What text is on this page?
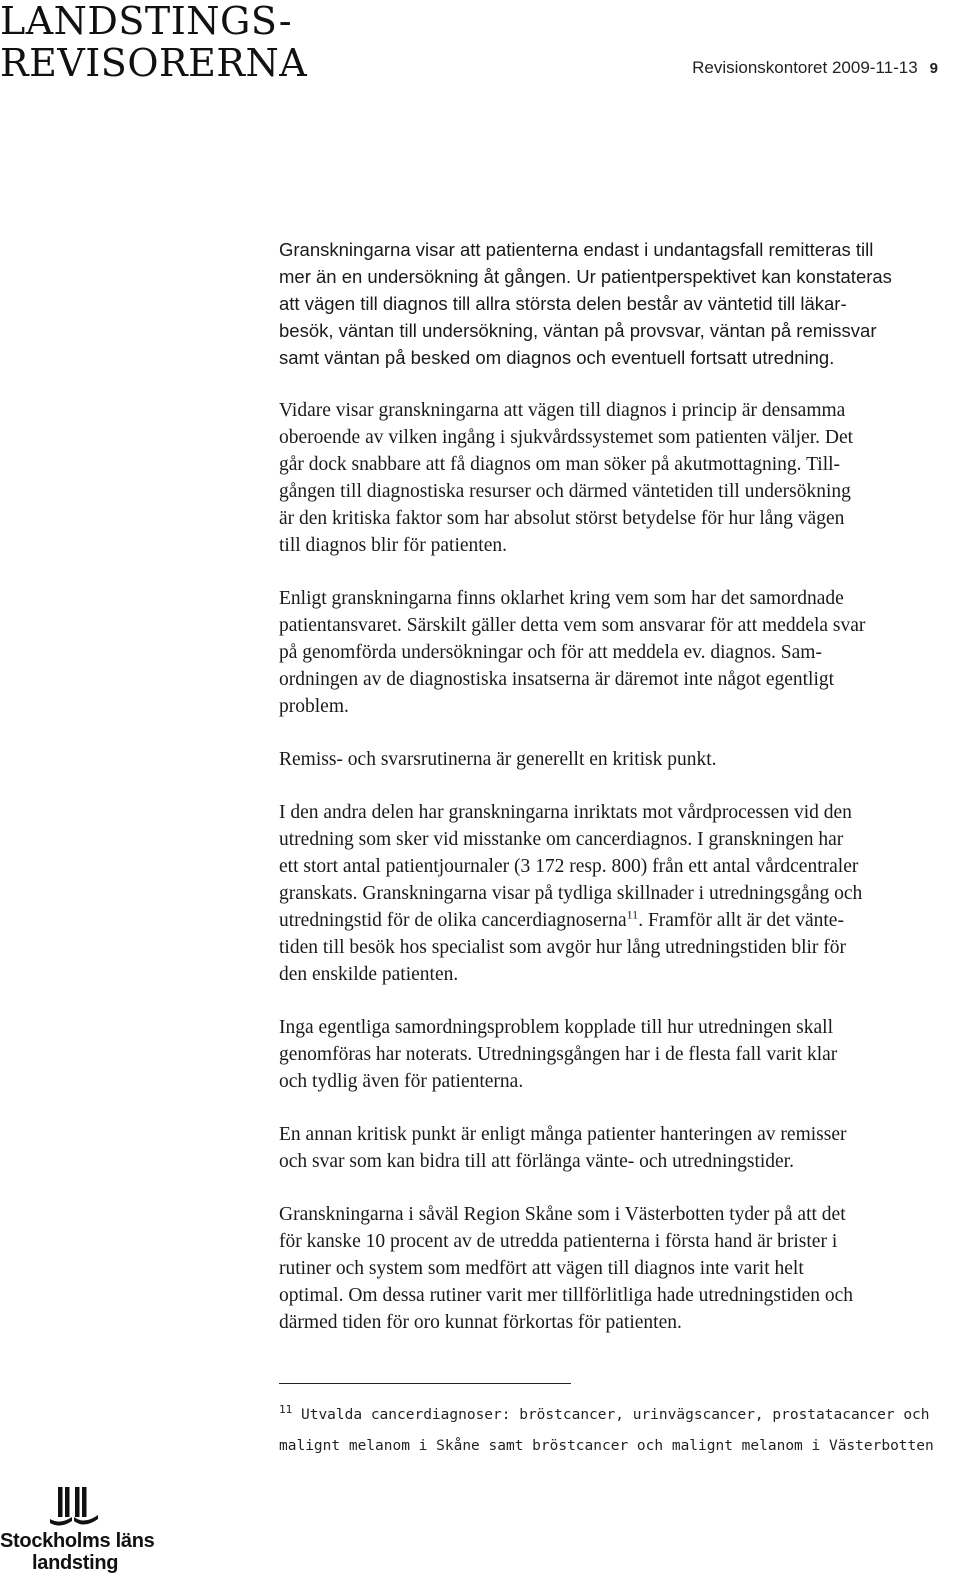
LANDSTINGS-
REVISORERNA	Revisionskontoret 2009-11-13 9

Granskningarna visar att patienterna endast i undantagsfall remitteras till
mer än en undersökning åt gången. Ur patientperspektivet kan konstateras
att vägen till diagnos till allra största delen består av väntetid till läkar-
besök, väntan till undersökning, väntan på provsvar, väntan på remissvar
samt väntan på besked om diagnos och eventuell fortsatt utredning.

Vidare visar granskningarna att vägen till diagnos i princip är densamma
oberoende av vilken ingång i sjukvårdssystemet som patienten väljer. Det
går dock snabbare att få diagnos om man söker på akutmottagning. Till-
gången till diagnostiska resurser och därmed väntetiden till undersökning
är den kritiska faktor som har absolut störst betydelse för hur lång vägen
till diagnos blir för patienten.

Enligt granskningarna finns oklarhet kring vem som har det samordnade
patientansvaret. Särskilt gäller detta vem som ansvarar för att meddela svar
på genomförda undersökningar och för att meddela ev. diagnos. Sam-
ordningen av de diagnostiska insatserna är däremot inte något egentligt
problem.

Remiss- och svarsrutinerna är generellt en kritisk punkt.

I den andra delen har granskningarna inriktats mot vårdprocessen vid den
utredning som sker vid misstanke om cancerdiagnos. I granskningen har
ett stort antal patientjournaler (3 172 resp. 800) från ett antal vårdcentraler
granskats. Granskningarna visar på tydliga skillnader i utredningsgång och
utredningstid för de olika cancerdiagnoserna$^{11}$. Framför allt är det vänte-
tiden till besök hos specialist som avgör hur lång utredningstiden blir för
den enskilde patienten.

Inga egentliga samordningsproblem kopplade till hur utredningen skall
genomföras har noterats. Utredningsgången har i de flesta fall varit klar
och tydlig även för patienterna.

En annan kritisk punkt är enligt många patienter hanteringen av remisser
och svar som kan bidra till att förlänga vänte- och utredningstider.

Granskningarna i såväl Region Skåne som i Västerbotten tyder på att det
för kanske 10 procent av de utredda patienterna i första hand är brister i
rutiner och system som medfört att vägen till diagnos inte varit helt
optimal. Om dessa rutiner varit mer tillförlitliga hade utredningstiden och
därmed tiden för oro kunnat förkortas för patienten.

$^{11}$ Utvalda cancerdiagnoser: bröstcancer, urinvägscancer, prostatacancer och
malignt melanom i Skåne samt bröstcancer och malignt melanom i Västerbotten
Stockholms läns
landsting
